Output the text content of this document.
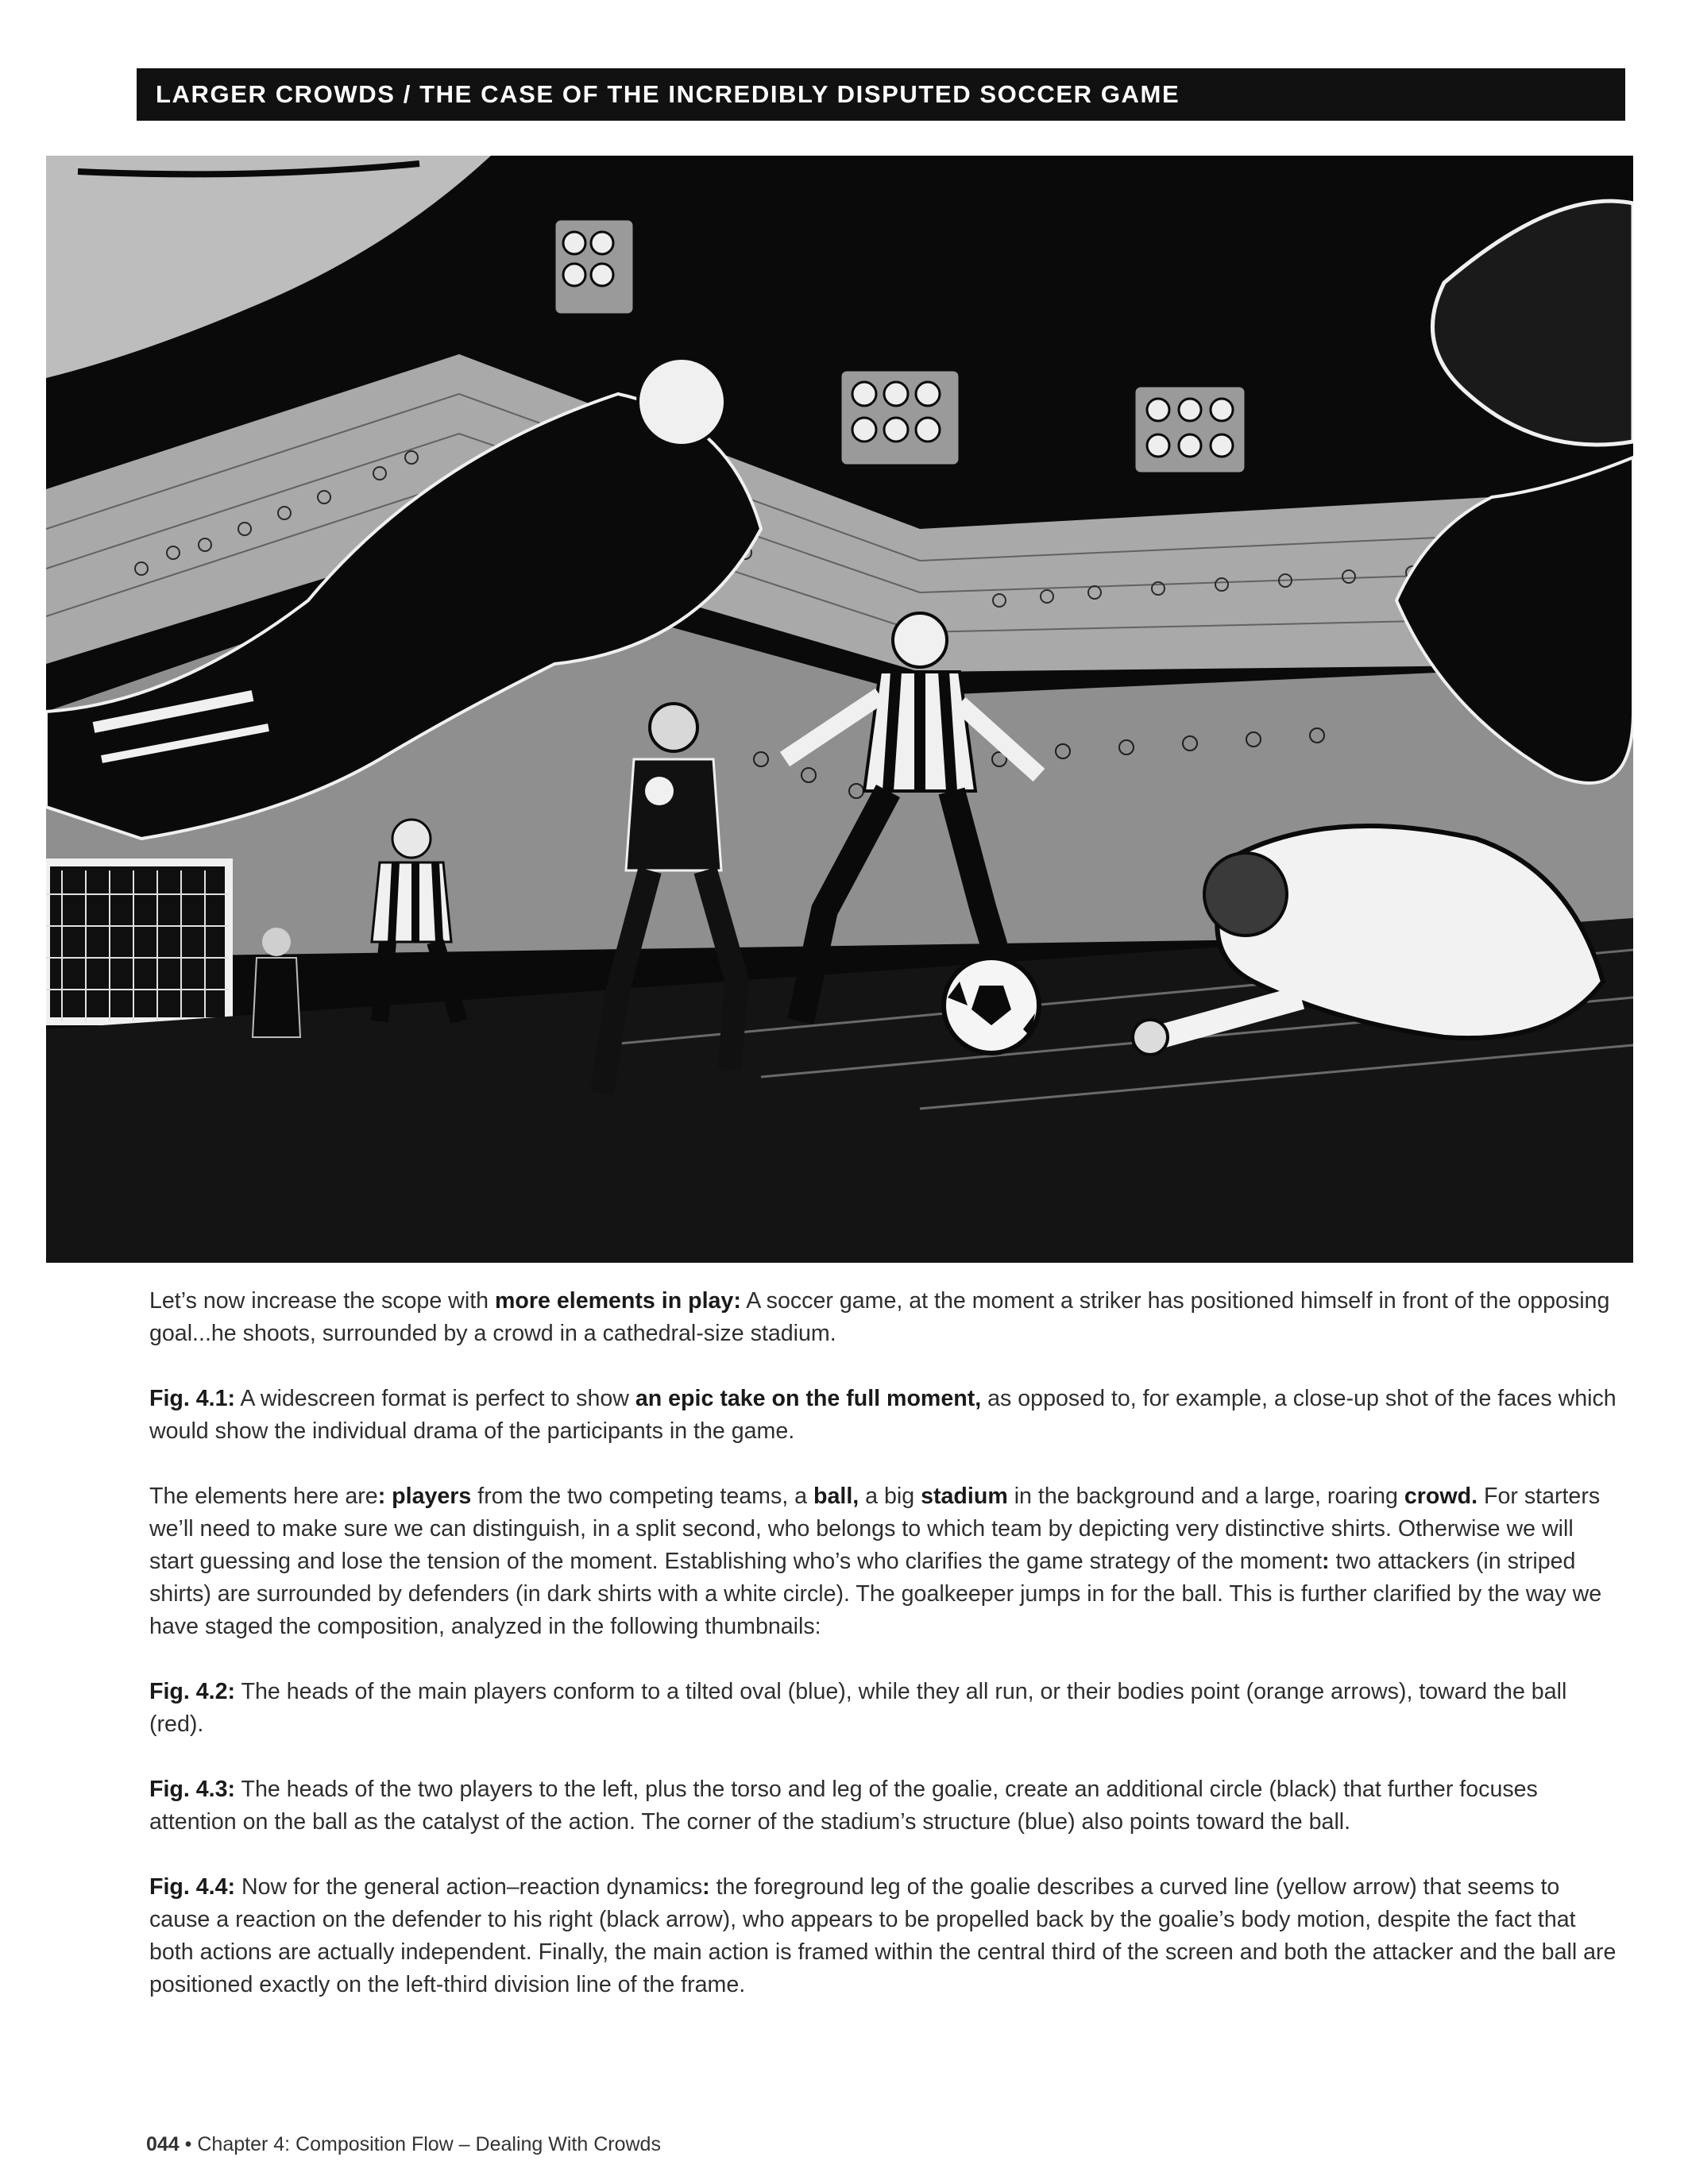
LARGER CROWDS / THE CASE OF THE INCREDIBLY DISPUTED SOCCER GAME

Let’s now increase the scope with more elements in play: A soccer game, at the moment a striker has positioned himself in front of the opposing goal...he shoots, surrounded by a crowd in a cathedral-size stadium.

Fig. 4.1: A widescreen format is perfect to show an epic take on the full moment, as opposed to, for example, a close-up shot of the faces which would show the individual drama of the participants in the game.

The elements here are: players from the two competing teams, a ball, a big stadium in the background and a large, roaring crowd. For starters we’ll need to make sure we can distinguish, in a split second, who belongs to which team by depicting very distinctive shirts. Otherwise we will start guessing and lose the tension of the moment. Establishing who’s who clarifies the game strategy of the moment: two attackers (in striped shirts) are surrounded by defenders (in dark shirts with a white circle). The goalkeeper jumps in for the ball. This is further clarified by the way we have staged the composition, analyzed in the following thumbnails:

Fig. 4.2: The heads of the main players conform to a tilted oval (blue), while they all run, or their bodies point (orange arrows), toward the ball (red).

Fig. 4.3: The heads of the two players to the left, plus the torso and leg of the goalie, create an additional circle (black) that further focuses attention on the ball as the catalyst of the action. The corner of the stadium’s structure (blue) also points toward the ball.

Fig. 4.4: Now for the general action–reaction dynamics: the foreground leg of the goalie describes a curved line (yellow arrow) that seems to cause a reaction on the defender to his right (black arrow), who appears to be propelled back by the goalie’s body motion, despite the fact that both actions are actually independent. Finally, the main action is framed within the central third of the screen and both the attacker and the ball are positioned exactly on the left-third division line of the frame.

044 • Chapter 4: Composition Flow – Dealing With Crowds
